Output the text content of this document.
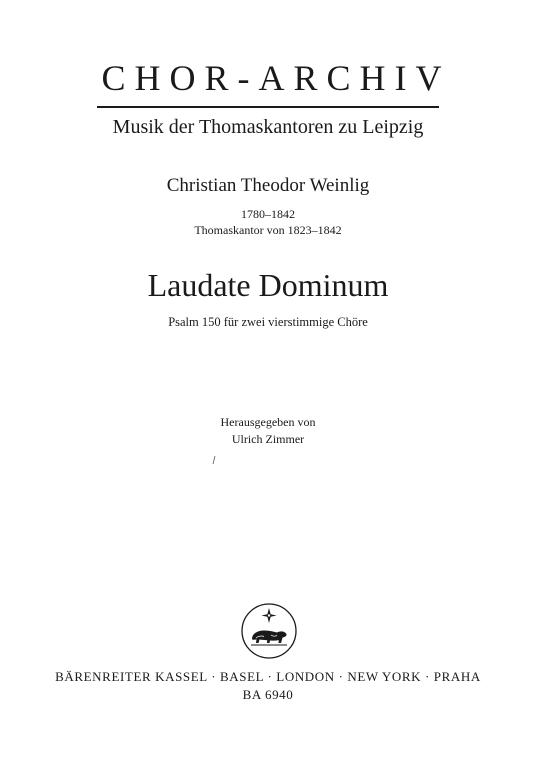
CHOR-ARCHIV
Musik der Thomaskantoren zu Leipzig
Christian Theodor Weinlig
1780–1842
Thomaskantor von 1823–1842
Laudate Dominum
Psalm 150 für zwei vierstimmige Chöre
Herausgegeben von
Ulrich Zimmer
BÄRENREITER KASSEL · BASEL · LONDON · NEW YORK · PRAHA
BA 6940
